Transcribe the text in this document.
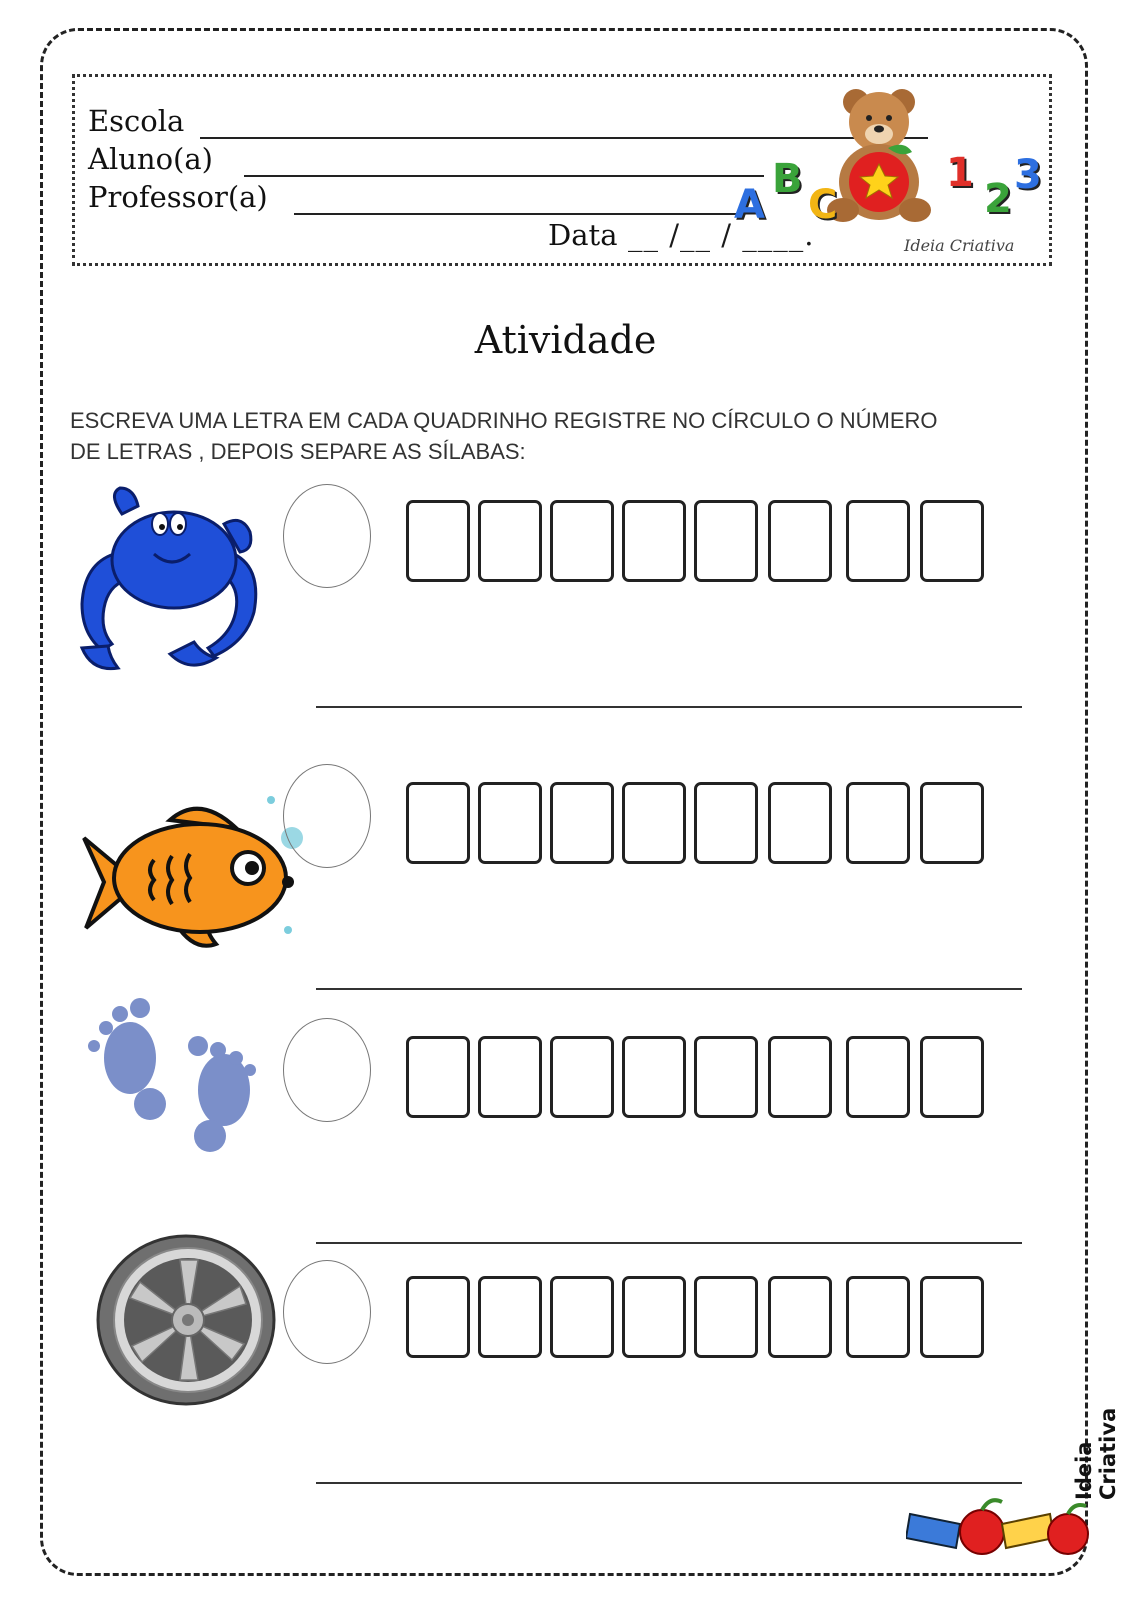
Escola
Aluno(a)
Professor(a)
Data __ /__ / ____.
A
B
C
1
2
3
Ideia Criativa
Atividade
ESCREVA UMA LETRA EM CADA QUADRINHO REGISTRE NO CÍRCULO O NÚMERO
DE LETRAS , DEPOIS SEPARE AS SÍLABAS:
Ideia Criativa
